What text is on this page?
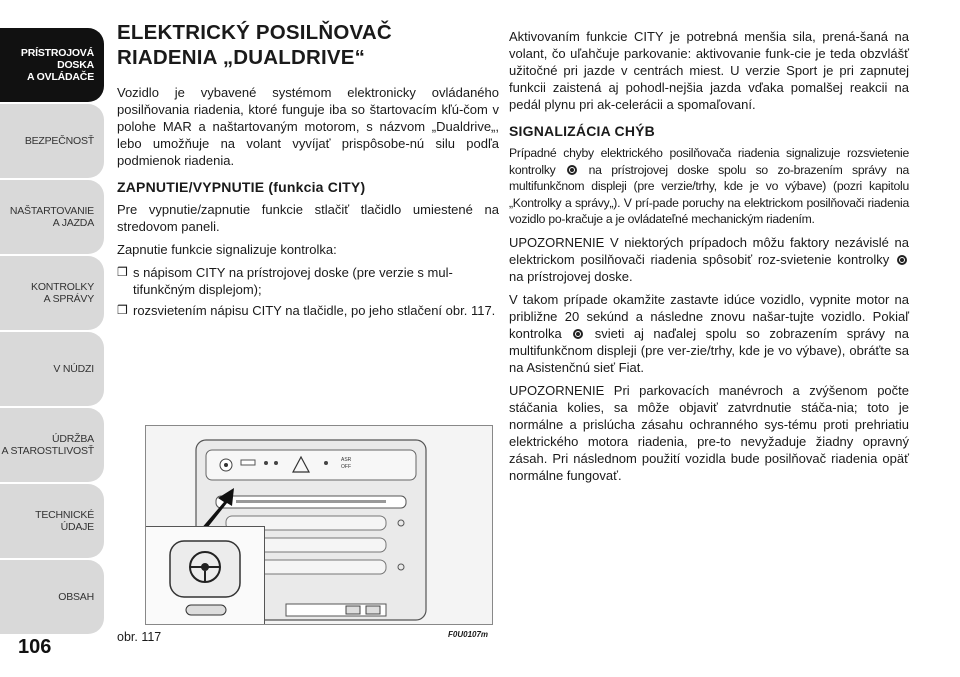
PRÍSTROJOVÁ
DOSKA
A OVLÁDAČE
BEZPEČNOSŤ
NAŠTARTOVANIE
A JAZDA
KONTROLKY
A SPRÁVY
V NÚDZI
ÚDRŽBA
A STAROSTLIVOSŤ
TECHNICKÉ ÚDAJE
OBSAH
106
ELEKTRICKÝ POSILŇOVAČ
RIADENIA „DUALDRIVE“

Vozidlo je vybavené systémom elektronicky ovládaného posilňovania riadenia, ktoré funguje iba so štartovacím kľú-čom v polohe MAR a naštartovaným motorom, s názvom „Dualdrive„, lebo umožňuje na volant vyvíjať prispôsobe-nú silu podľa podmienok riadenia.

ZAPNUTIE/VYPNUTIE (funkcia CITY)

Pre vypnutie/zapnutie funkcie stlačiť tlačidlo umiestené na stredovom paneli.

Zapnutie funkcie signalizuje kontrolka:

❒ s nápisom CITY na prístrojovej doske (pre verzie s mul-tifunkčným displejom);
❒ rozsvietením nápisu CITY na tlačidle, po jeho stlačení obr. 117.
ASR
OFF
obr. 117	F0U0107m

Aktivovaním funkcie CITY je potrebná menšia sila, prená-šaná na volant, čo uľahčuje parkovanie: aktivovanie funk-cie je teda obzvlášť užitočné pri jazde v centrách miest. U verzie Sport je pri zapnutej funkcii zaistená aj pohodl-nejšia jazda vďaka pomalšej reakcii na pedál plynu pri ak-celerácii a spomaľovaní.

SIGNALIZÁCIA CHÝB

Prípadné chyby elektrického posilňovača riadenia signalizuje rozsvietenie kontrolky	na prístrojovej doske spolu so zo-brazením správy na multifunkčnom displeji (pre verzie/trhy, kde je vo výbave) (pozri kapitolu „Kontrolky a správy„). V prí-pade poruchy na elektrickom posilňovači riadenia vozidlo po-kračuje a je ovládateľné mechanickým riadením.

UPOZORNENIE V niektorých prípadoch môžu faktory nezávislé na elektrickom posilňovači riadenia spôsobiť roz-svietenie kontrolky  na prístrojovej doske.

V takom prípade okamžite zastavte idúce vozidlo, vypnite motor na približne 20 sekúnd a následne znovu našar-tujte vozidlo. Pokiaľ kontrolka	svieti aj naďalej spolu so zobrazením správy na multifunkčnom displeji (pre ver-zie/trhy, kde je vo výbave), obráťte sa na Asistenčnú sieť Fiat.

UPOZORNENIE Pri parkovacích manévroch a zvýšenom počte stáčania kolies, sa môže objaviť zatvrdnutie stáča-nia; toto je normálne a prislúcha zásahu ochranného sys-tému proti prehriatiu elektrického motora riadenia, pre-to nevyžaduje žiadny opravný zásah. Pri následnom použití vozidla bude posilňovač riadenia opäť normálne fungovať.
